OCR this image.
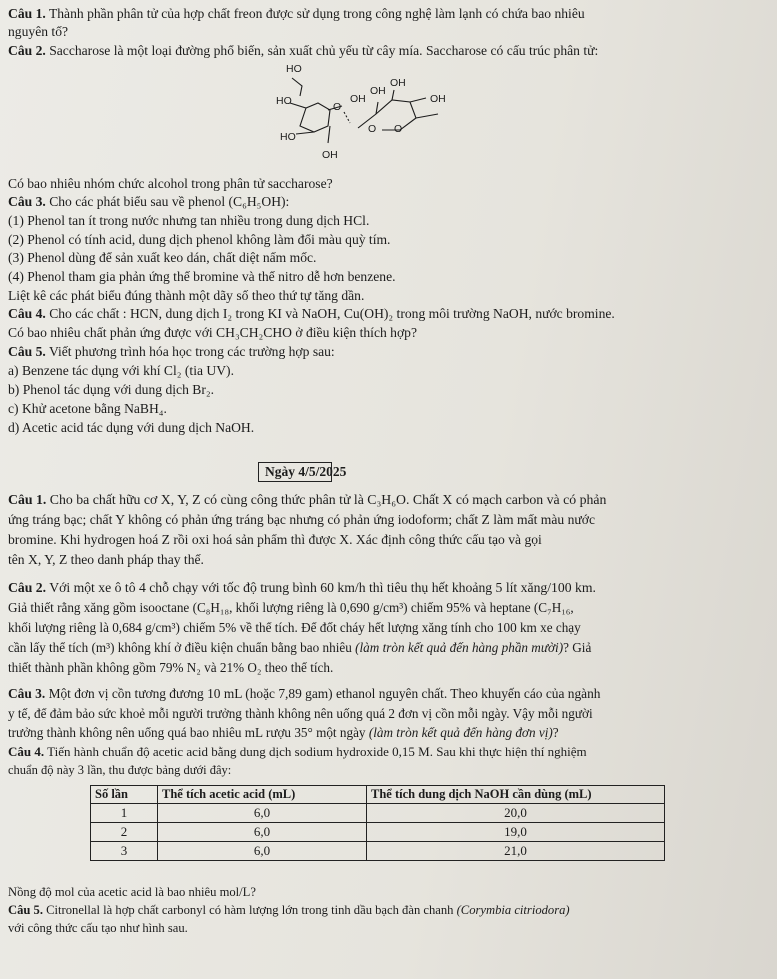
Câu 1. Thành phần phân tử của hợp chất freon được sử dụng trong công nghệ làm lạnh có chứa bao nhiêu
nguyên tố?
Câu 2. Saccharose là một loại đường phổ biến, sản xuất chủ yếu từ cây mía. Saccharose có cấu trúc phân tử:
HO
HO
HO
OH
O
OH
OH
OH
OH
O O
Có bao nhiêu nhóm chức alcohol trong phân tử saccharose?
Câu 3. Cho các phát biểu sau về phenol (C₆H₅OH):
(1) Phenol tan ít trong nước nhưng tan nhiều trong dung dịch HCl.
(2) Phenol có tính acid, dung dịch phenol không làm đổi màu quỳ tím.
(3) Phenol dùng để sản xuất keo dán, chất diệt nấm mốc.
(4) Phenol tham gia phản ứng thế bromine và thế nitro dễ hơn benzene.
Liệt kê các phát biểu đúng thành một dãy số theo thứ tự tăng dần.
Câu 4. Cho các chất : HCN, dung dịch I₂ trong KI và NaOH, Cu(OH)₂ trong môi trường NaOH, nước bromine.
Có bao nhiêu chất phản ứng được với CH₃CH₂CHO ở điều kiện thích hợp?
Câu 5. Viết phương trình hóa học trong các trường hợp sau:
a) Benzene tác dụng với khí Cl₂ (tia UV).
b) Phenol tác dụng với dung dịch Br₂.
c) Khử acetone bằng NaBH₄.
d) Acetic acid tác dụng với dung dịch NaOH.
Ngày 4/5/2025
Câu 1. Cho ba chất hữu cơ X, Y, Z có cùng công thức phân tử là C₃H₆O. Chất X có mạch carbon và có phản
ứng tráng bạc; chất Y không có phản ứng tráng bạc nhưng có phản ứng iodoform; chất Z làm mất màu nước
bromine. Khi hydrogen hoá Z rồi oxi hoá sản phẩm thì được X. Xác định công thức cấu tạo và gọi
tên X, Y, Z theo danh pháp thay thế.
Câu 2. Với một xe ô tô 4 chỗ chạy với tốc độ trung bình 60 km/h thì tiêu thụ hết khoảng 5 lít xăng/100 km.
Giả thiết rằng xăng gồm isooctane (C₈H₁₈, khối lượng riêng là 0,690 g/cm³) chiếm 95% và heptane (C₇H₁₆,
khối lượng riêng là 0,684 g/cm³) chiếm 5% về thể tích. Để đốt cháy hết lượng xăng tính cho 100 km xe chạy
cần lấy thể tích (m³) không khí ở điều kiện chuẩn bằng bao nhiêu (làm tròn kết quả đến hàng phần mười)? Giả
thiết thành phần không gồm 79% N₂ và 21% O₂ theo thể tích.
Câu 3. Một đơn vị cồn tương đương 10 mL (hoặc 7,89 gam) ethanol nguyên chất. Theo khuyến cáo của ngành
y tế, để đảm bảo sức khoẻ mỗi người trưởng thành không nên uống quá 2 đơn vị cồn mỗi ngày. Vậy mỗi người
trưởng thành không nên uống quá bao nhiêu mL rượu 35° một ngày (làm tròn kết quả đến hàng đơn vị)?
Câu 4. Tiến hành chuẩn độ acetic acid bằng dung dịch sodium hydroxide 0,15 M. Sau khi thực hiện thí nghiệm
chuẩn độ này 3 lần, thu được bảng dưới đây:
Số lần	Thể tích acetic acid (mL)	Thể tích dung dịch NaOH cần dùng (mL)
1	6,0	20,0
2	6,0	19,0
3	6,0	21,0
Nồng độ mol của acetic acid là bao nhiêu mol/L?
Câu 5. Citronellal là hợp chất carbonyl có hàm lượng lớn trong tinh dầu bạch đàn chanh (Corymbia citriodora)
với công thức cấu tạo như hình sau.
